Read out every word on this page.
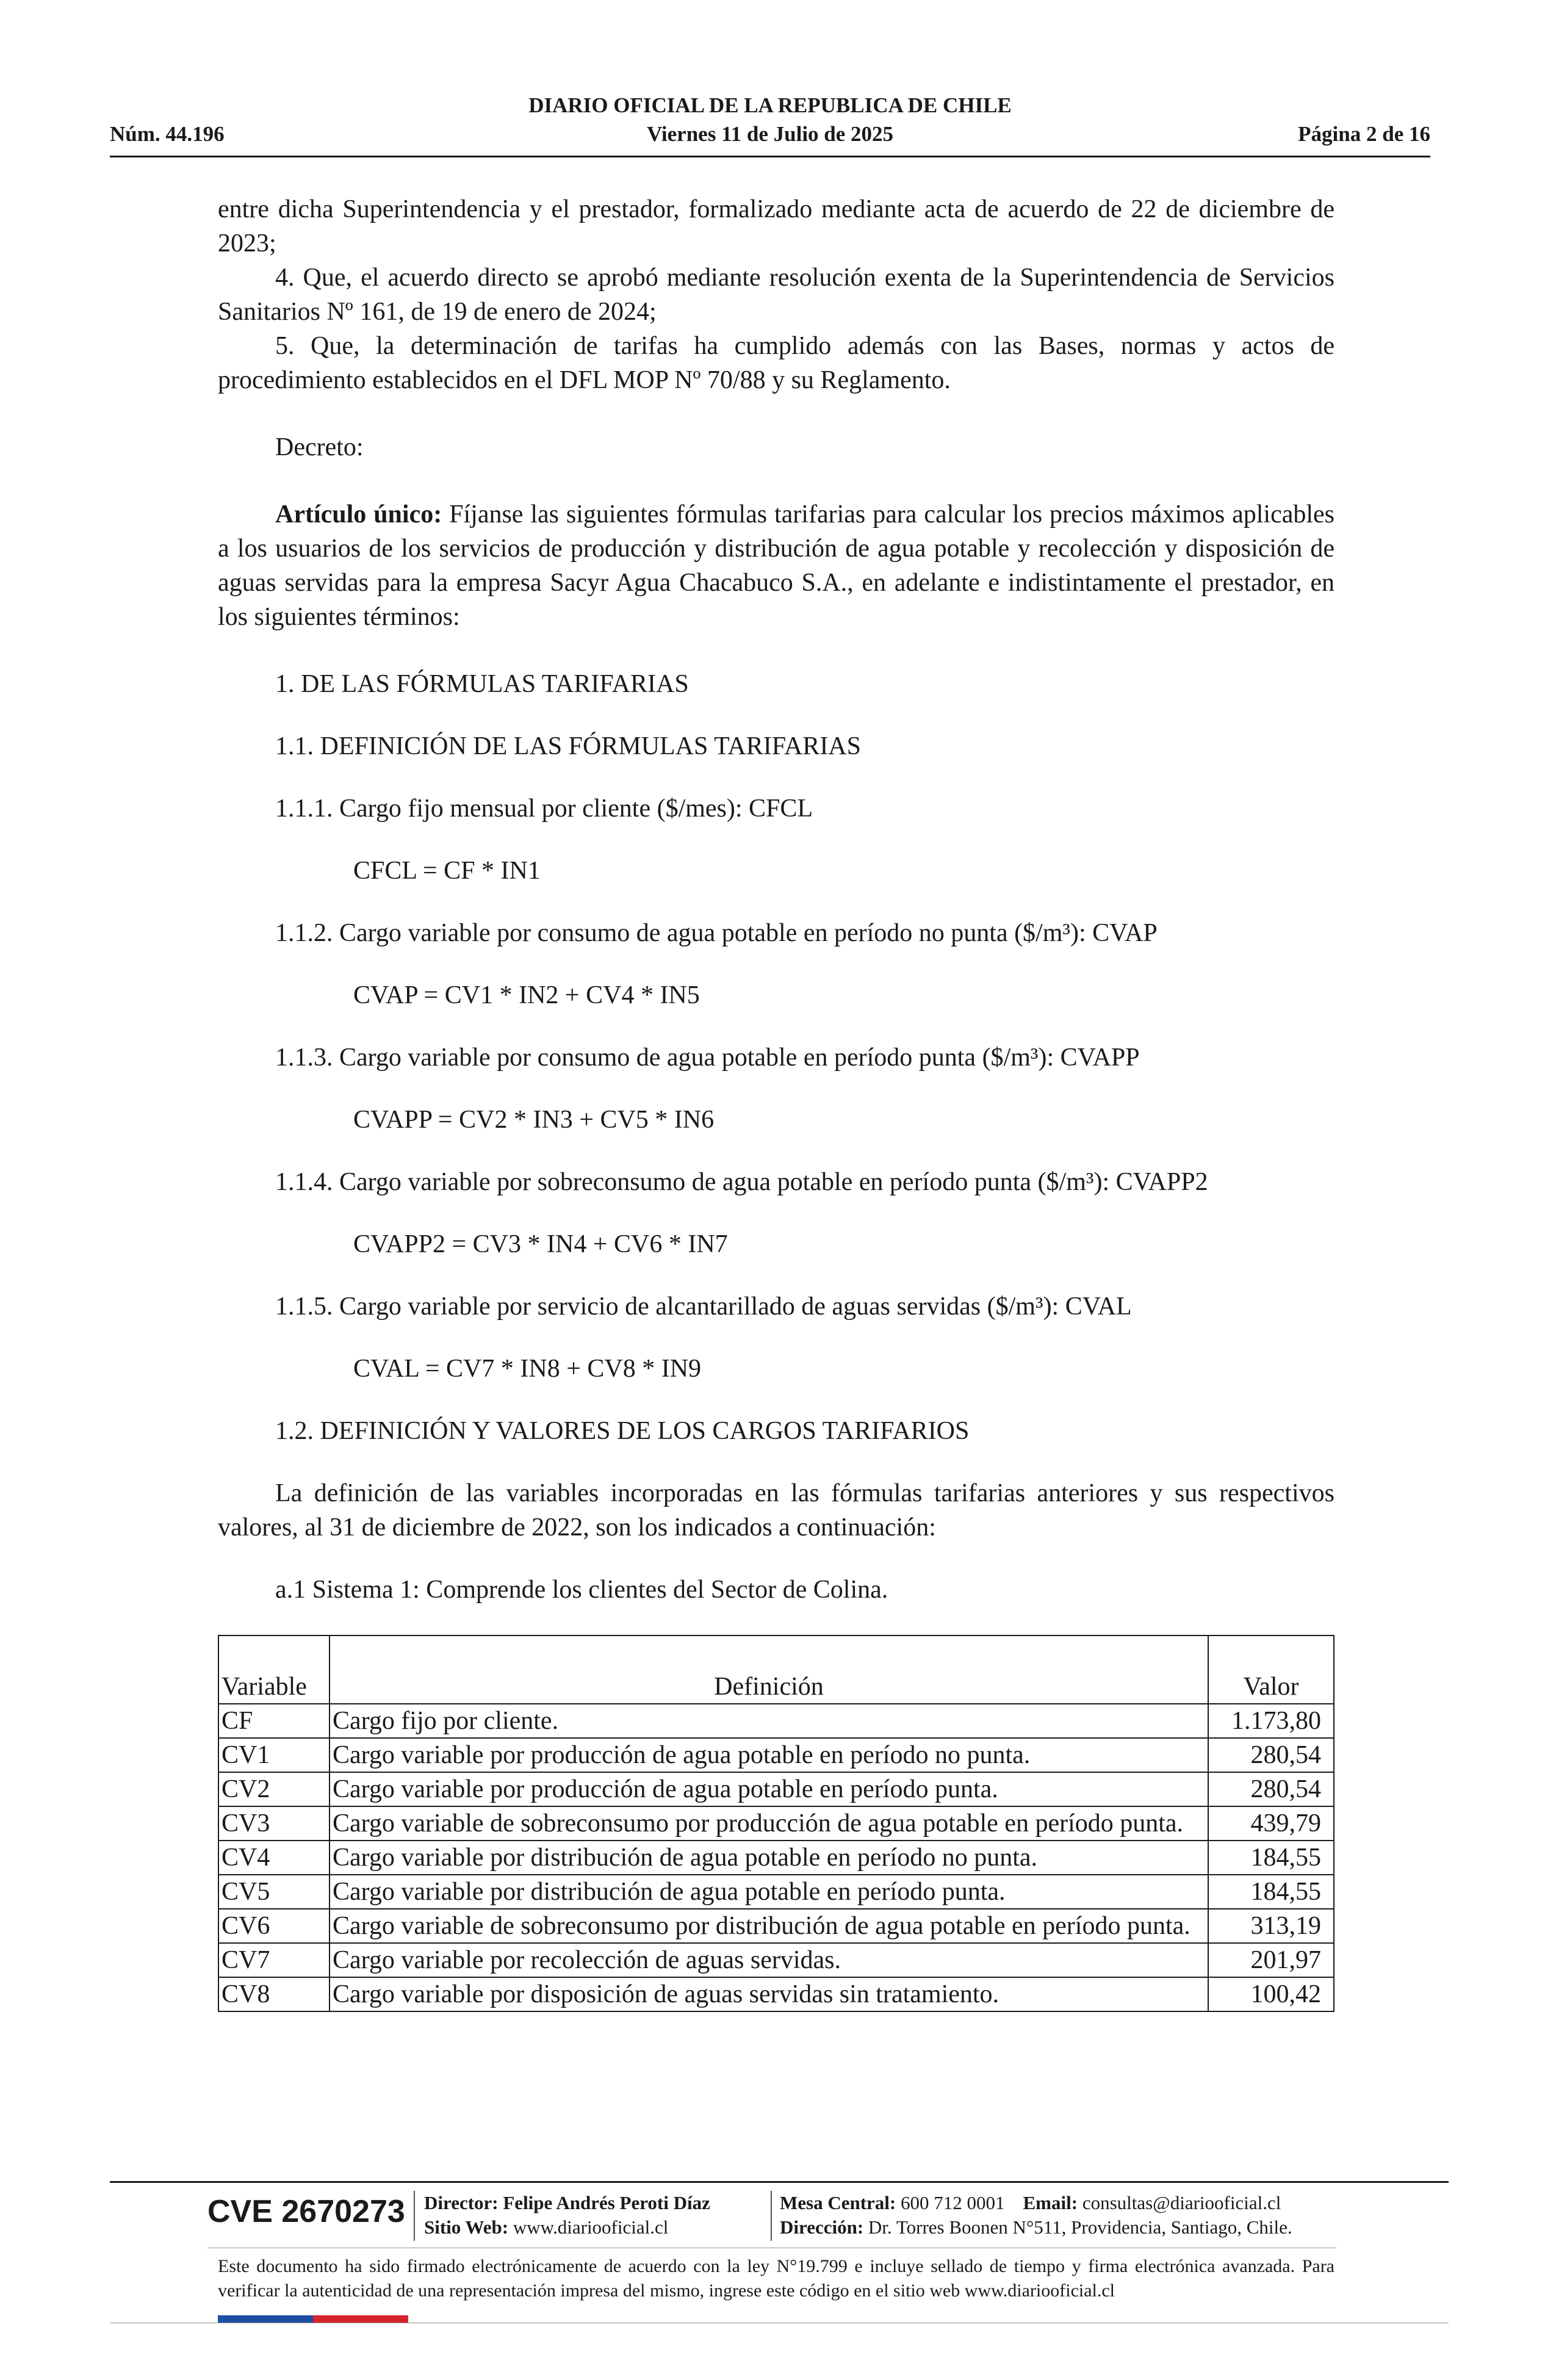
DIARIO OFICIAL DE LA REPUBLICA DE CHILE
Viernes 11 de Julio de 2025
Núm. 44.196	Página 2 de 16

entre dicha Superintendencia y el prestador, formalizado mediante acta de acuerdo de 22 de diciembre de 2023;

4. Que, el acuerdo directo se aprobó mediante resolución exenta de la Superintendencia de Servicios Sanitarios Nº 161, de 19 de enero de 2024;

5. Que, la determinación de tarifas ha cumplido además con las Bases, normas y actos de procedimiento establecidos en el DFL MOP Nº 70/88 y su Reglamento.

Decreto:

Artículo único: Fíjanse las siguientes fórmulas tarifarias para calcular los precios máximos aplicables a los usuarios de los servicios de producción y distribución de agua potable y recolección y disposición de aguas servidas para la empresa Sacyr Agua Chacabuco S.A., en adelante e indistintamente el prestador, en los siguientes términos:

1. DE LAS FÓRMULAS TARIFARIAS

1.1. DEFINICIÓN DE LAS FÓRMULAS TARIFARIAS

1.1.1. Cargo fijo mensual por cliente ($/mes): CFCL

CFCL = CF * IN1

1.1.2. Cargo variable por consumo de agua potable en período no punta ($/m³): CVAP

CVAP = CV1 * IN2 + CV4 * IN5

1.1.3. Cargo variable por consumo de agua potable en período punta ($/m³): CVAPP

CVAPP = CV2 * IN3 + CV5 * IN6

1.1.4. Cargo variable por sobreconsumo de agua potable en período punta ($/m³): CVAPP2

CVAPP2 = CV3 * IN4 + CV6 * IN7

1.1.5. Cargo variable por servicio de alcantarillado de aguas servidas ($/m³): CVAL

CVAL = CV7 * IN8 + CV8 * IN9

1.2. DEFINICIÓN Y VALORES DE LOS CARGOS TARIFARIOS

La definición de las variables incorporadas en las fórmulas tarifarias anteriores y sus respectivos valores, al 31 de diciembre de 2022, son los indicados a continuación:

a.1 Sistema 1: Comprende los clientes del Sector de Colina.

Variable	Definición	Valor
CF	Cargo fijo por cliente.	1.173,80
CV1	Cargo variable por producción de agua potable en período no punta.	280,54
CV2	Cargo variable por producción de agua potable en período punta.	280,54
CV3	Cargo variable de sobreconsumo por producción de agua potable en período punta.	439,79
CV4	Cargo variable por distribución de agua potable en período no punta.	184,55
CV5	Cargo variable por distribución de agua potable en período punta.	184,55
CV6	Cargo variable de sobreconsumo por distribución de agua potable en período punta.	313,19
CV7	Cargo variable por recolección de aguas servidas.	201,97
CV8	Cargo variable por disposición de aguas servidas sin tratamiento.	100,42
CVE 2670273 Director: Felipe Andrés Peroti Díaz
Sitio Web: www.diariooficial.cl
Mesa Central: 600 712 0001 Email: consultas@diariooficial.cl
Dirección: Dr. Torres Boonen N°511, Providencia, Santiago, Chile.
Este documento ha sido firmado electrónicamente de acuerdo con la ley N°19.799 e incluye sellado de tiempo y firma electrónica avanzada. Para verificar la autenticidad de una representación impresa del mismo, ingrese este código en el sitio web www.diariooficial.cl
